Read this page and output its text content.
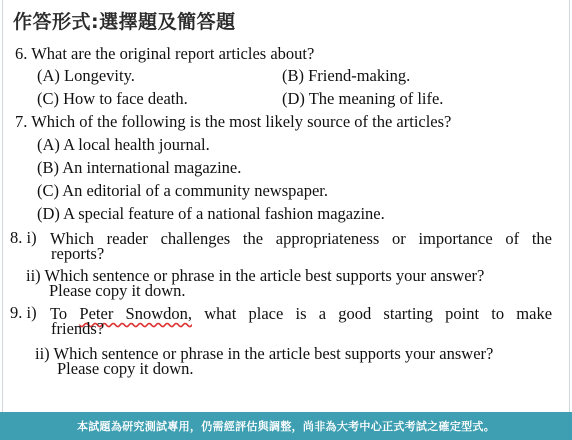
作答形式:選擇題及簡答題
6. What are the original report articles about?
(A) Longevity.	(B) Friend-making.
(C) How to face death.	(D) The meaning of life.
7. Which of the following is the most likely source of the articles?
(A) A local health journal.
(B) An international magazine.
(C) An editorial of a community newspaper.
(D) A special feature of a national fashion magazine.
8. i) Which reader challenges the appropriateness or importance of the
reports?
ii) Which sentence or phrase in the article best supports your answer?
Please copy it down.
9. i) To Peter Snowdon, what place is a good starting point to make
friends?
ii) Which sentence or phrase in the article best supports your answer?
Please copy it down.
本試題為研究測試專用，仍需經評估與調整，尚非為大考中心正式考試之確定型式。
